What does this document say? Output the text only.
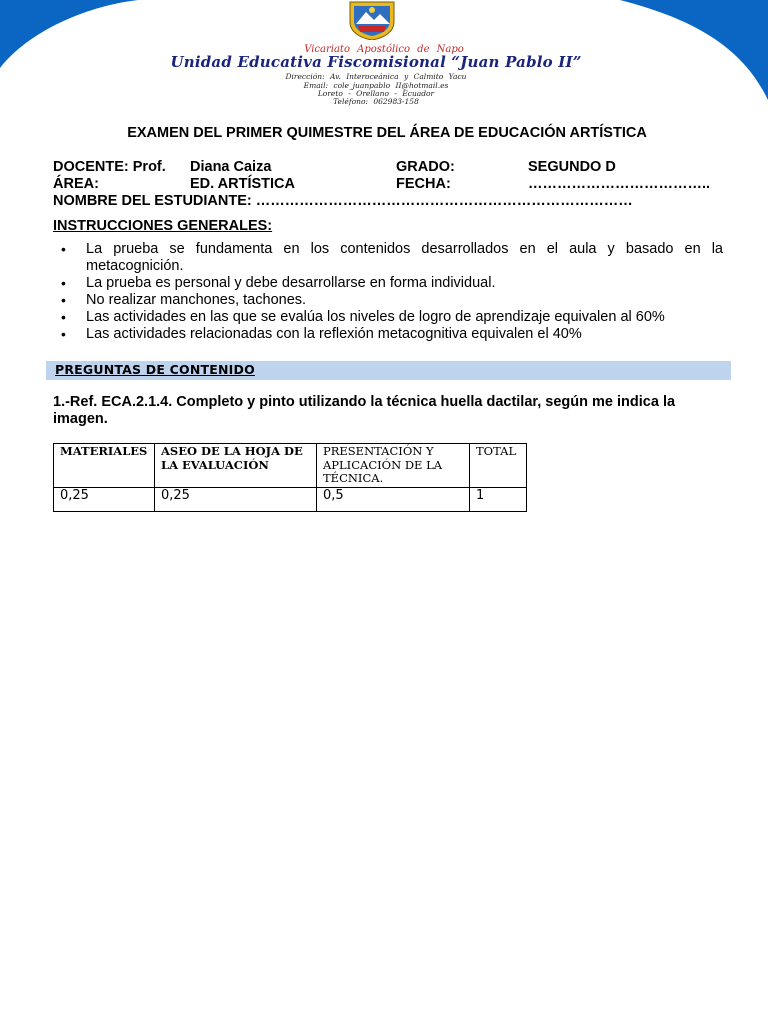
Vicariato Apostólico de Napo
Unidad Educativa Fiscomisional “Juan Pablo II”
Dirección: Av. Interoceánica y Calmito Yacu
Email: cole_juanpablo II@hotmail.es
Loreto - Orellano - Ecuador
Teléfono: 062983-158
EXAMEN DEL PRIMER QUIMESTRE DEL ÁREA DE EDUCACIÓN ARTÍSTICA
DOCENTE: Prof. Diana Caiza	GRADO:	SEGUNDO D
ÁREA:	ED. ARTÍSTICA	FECHA:	………………………………..
NOMBRE DEL ESTUDIANTE: ……………………………………………………………………
INSTRUCCIONES GENERALES:
• La prueba se fundamenta en los contenidos desarrollados en el aula y basado en la metacognición.
• La prueba es personal y debe desarrollarse en forma individual.
• No realizar manchones, tachones.
• Las actividades en las que se evalúa los niveles de logro de aprendizaje equivalen al 60%
• Las actividades relacionadas con la reflexión metacognitiva equivalen el 40%
PREGUNTAS DE CONTENIDO
1.-Ref. ECA.2.1.4. Completo y pinto utilizando la técnica huella dactilar, según me indica la imagen.
MATERIALES	ASEO DE LA HOJA DE LA EVALUACIÓN	PRESENTACIÓN Y APLICACIÓN DE LA TÉCNICA.	TOTAL
0,25	0,25	0,5	1
